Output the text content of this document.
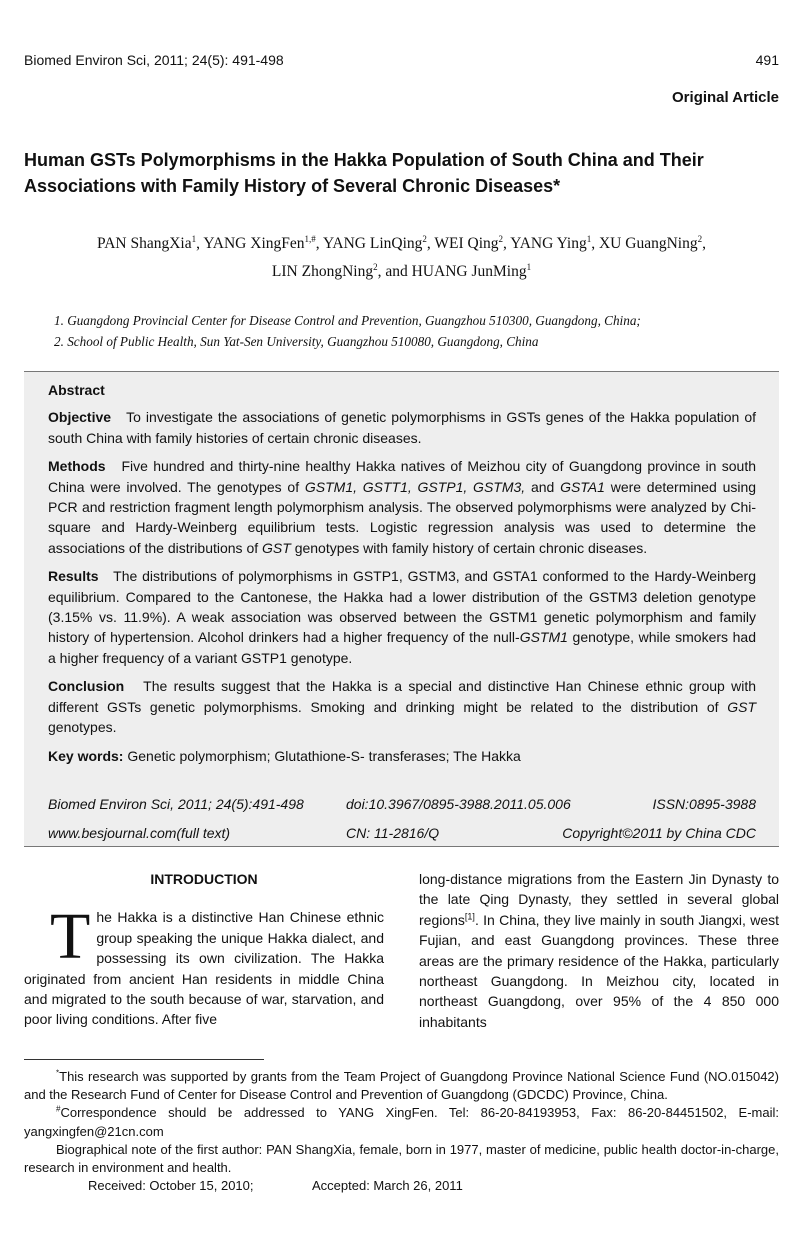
Biomed Environ Sci, 2011; 24(5): 491-498	491
Original Article
Human GSTs Polymorphisms in the Hakka Population of South China and Their Associations with Family History of Several Chronic Diseases*
PAN ShangXia$^1$, YANG XingFen$^{1,\#}$, YANG LinQing$^2$, WEI Qing$^2$, YANG Ying$^1$, XU GuangNing$^2$,
LIN ZhongNing$^2$, and HUANG JunMing$^1$
1. Guangdong Provincial Center for Disease Control and Prevention, Guangzhou 510300, Guangdong, China;
2. School of Public Health, Sun Yat-Sen University, Guangzhou 510080, Guangdong, China

Abstract

Objective To investigate the associations of genetic polymorphisms in GSTs genes of the Hakka population of south China with family histories of certain chronic diseases.

Methods Five hundred and thirty-nine healthy Hakka natives of Meizhou city of Guangdong province in south China were involved. The genotypes of GSTM1, GSTT1, GSTP1, GSTM3, and GSTA1 were determined using PCR and restriction fragment length polymorphism analysis. The observed polymorphisms were analyzed by Chi-square and Hardy-Weinberg equilibrium tests. Logistic regression analysis was used to determine the associations of the distributions of GST genotypes with family history of certain chronic diseases.

Results The distributions of polymorphisms in GSTP1, GSTM3, and GSTA1 conformed to the Hardy-Weinberg equilibrium. Compared to the Cantonese, the Hakka had a lower distribution of the GSTM3 deletion genotype (3.15% vs. 11.9%). A weak association was observed between the GSTM1 genetic polymorphism and family history of hypertension. Alcohol drinkers had a higher frequency of the null-GSTM1 genotype, while smokers had a higher frequency of a variant GSTP1 genotype.

Conclusion The results suggest that the Hakka is a special and distinctive Han Chinese ethnic group with different GSTs genetic polymorphisms. Smoking and drinking might be related to the distribution of GST genotypes.

Key words: Genetic polymorphism; Glutathione-S- transferases; The Hakka

Biomed Environ Sci, 2011; 24(5):491-498	doi:10.3967/0895-3988.2011.05.006	ISSN:0895-3988
www.besjournal.com(full text)	CN: 11-2816/Q	Copyright©2011 by China CDC

INTRODUCTION

The Hakka is a distinctive Han Chinese ethnic group speaking the unique Hakka dialect, and possessing its own civilization. The Hakka originated from ancient Han residents in middle China and migrated to the south because of war, starvation, and poor living conditions. After five
long-distance migrations from the Eastern Jin Dynasty to the late Qing Dynasty, they settled in several global regions[1]. In China, they live mainly in south Jiangxi, west Fujian, and east Guangdong provinces. These three areas are the primary residence of the Hakka, particularly northeast Guangdong. In Meizhou city, located in northeast Guangdong, over 95% of the 4 850 000 inhabitants

*This research was supported by grants from the Team Project of Guangdong Province National Science Fund (NO.015042) and the Research Fund of Center for Disease Control and Prevention of Guangdong (GDCDC) Province, China.

#Correspondence should be addressed to YANG XingFen. Tel: 86-20-84193953, Fax: 86-20-84451502, E-mail: yangxingfen@21cn.com

Biographical note of the first author: PAN ShangXia, female, born in 1977, master of medicine, public health doctor-in-charge, research in environment and health.

Received: October 15, 2010;	Accepted: March 26, 2011
